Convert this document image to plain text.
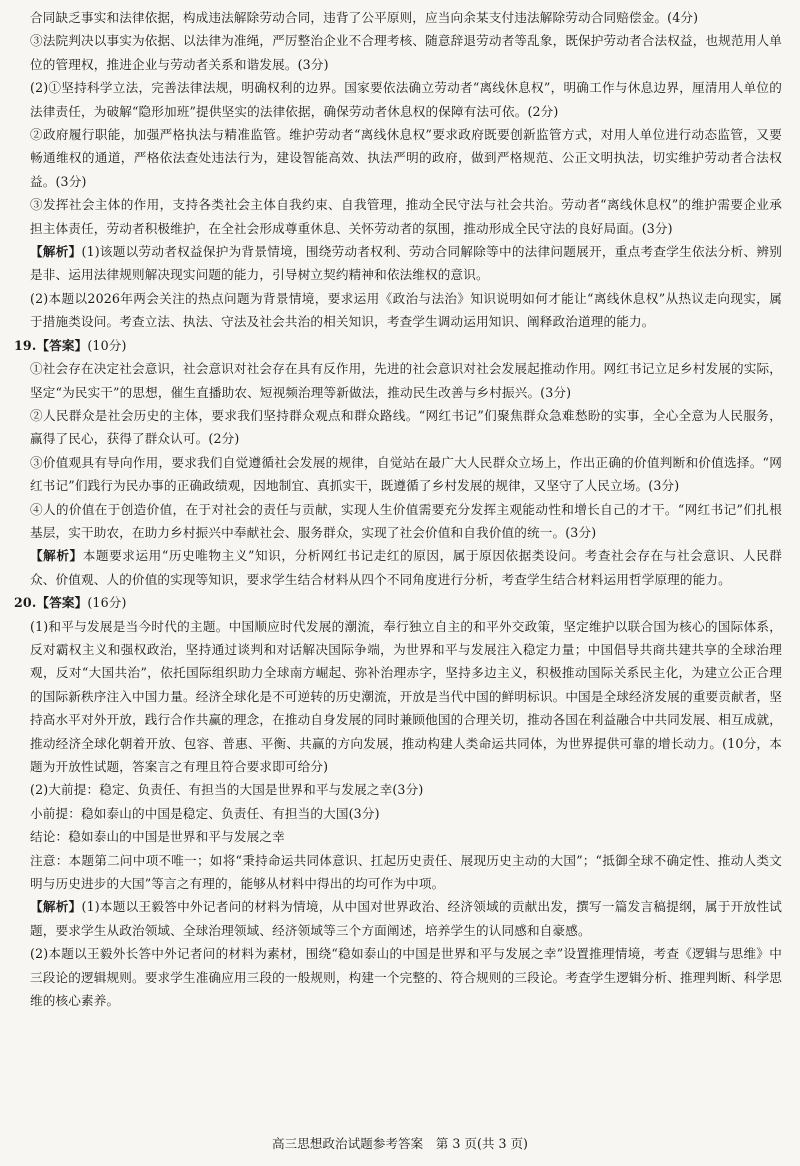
合同缺乏事实和法律依据，构成违法解除劳动合同，违背了公平原则，应当向余某支付违法解除劳动合同赔偿金。(4分)

③法院判决以事实为依据、以法律为准绳，严厉整治企业不合理考核、随意辞退劳动者等乱象，既保护劳动者合法权益，也规范用人单位的管理权，推进企业与劳动者关系和谐发展。(3分)

(2)①坚持科学立法，完善法律法规，明确权利的边界。国家要依法确立劳动者“离线休息权”，明确工作与休息边界，厘清用人单位的法律责任，为破解“隐形加班”提供坚实的法律依据，确保劳动者休息权的保障有法可依。(2分)

②政府履行职能，加强严格执法与精准监管。维护劳动者“离线休息权”要求政府既要创新监管方式，对用人单位进行动态监管，又要畅通维权的通道，严格依法查处违法行为，建设智能高效、执法严明的政府，做到严格规范、公正文明执法，切实维护劳动者合法权益。(3分)

③发挥社会主体的作用，支持各类社会主体自我约束、自我管理，推动全民守法与社会共治。劳动者“离线休息权”的维护需要企业承担主体责任，劳动者积极维护，在全社会形成尊重休息、关怀劳动者的氛围，推动形成全民守法的良好局面。(3分)

【解析】(1)该题以劳动者权益保护为背景情境，围绕劳动者权利、劳动合同解除等中的法律问题展开，重点考查学生依法分析、辨别是非、运用法律规则解决现实问题的能力，引导树立契约精神和依法维权的意识。

(2)本题以2026年两会关注的热点问题为背景情境，要求运用《政治与法治》知识说明如何才能让“离线休息权”从热议走向现实，属于措施类设问。考查立法、执法、守法及社会共治的相关知识，考查学生调动运用知识、阐释政治道理的能力。

19.【答案】(10分)

①社会存在决定社会意识，社会意识对社会存在具有反作用，先进的社会意识对社会发展起推动作用。网红书记立足乡村发展的实际，坚定“为民实干”的思想，催生直播助农、短视频治理等新做法，推动民生改善与乡村振兴。(3分)

②人民群众是社会历史的主体，要求我们坚持群众观点和群众路线。“网红书记”们聚焦群众急难愁盼的实事，全心全意为人民服务，赢得了民心，获得了群众认可。(2分)

③价值观具有导向作用，要求我们自觉遵循社会发展的规律，自觉站在最广大人民群众立场上，作出正确的价值判断和价值选择。“网红书记”们践行为民办事的正确政绩观，因地制宜、真抓实干，既遵循了乡村发展的规律，又坚守了人民立场。(3分)

④人的价值在于创造价值，在于对社会的责任与贡献，实现人生价值需要充分发挥主观能动性和增长自己的才干。“网红书记”们扎根基层，实干助农，在助力乡村振兴中奉献社会、服务群众，实现了社会价值和自我价值的统一。(3分)

【解析】本题要求运用“历史唯物主义”知识，分析网红书记走红的原因，属于原因依据类设问。考查社会存在与社会意识、人民群众、价值观、人的价值的实现等知识，要求学生结合材料从四个不同角度进行分析，考查学生结合材料运用哲学原理的能力。

20.【答案】(16分)

(1)和平与发展是当今时代的主题。中国顺应时代发展的潮流，奉行独立自主的和平外交政策，坚定维护以联合国为核心的国际体系，反对霸权主义和强权政治，坚持通过谈判和对话解决国际争端，为世界和平与发展注入稳定力量；中国倡导共商共建共享的全球治理观，反对“大国共治”，依托国际组织助力全球南方崛起、弥补治理赤字，坚持多边主义，积极推动国际关系民主化，为建立公正合理的国际新秩序注入中国力量。经济全球化是不可逆转的历史潮流，开放是当代中国的鲜明标识。中国是全球经济发展的重要贡献者，坚持高水平对外开放，践行合作共赢的理念，在推动自身发展的同时兼顾他国的合理关切，推动各国在利益融合中共同发展、相互成就，推动经济全球化朝着开放、包容、普惠、平衡、共赢的方向发展，推动构建人类命运共同体，为世界提供可靠的增长动力。(10分，本题为开放性试题，答案言之有理且符合要求即可给分)

(2)大前提：稳定、负责任、有担当的大国是世界和平与发展之幸(3分)

小前提：稳如泰山的中国是稳定、负责任、有担当的大国(3分)

结论：稳如泰山的中国是世界和平与发展之幸

注意：本题第二问中项不唯一；如将“秉持命运共同体意识、扛起历史责任、展现历史主动的大国”；“抵御全球不确定性、推动人类文明与历史进步的大国”等言之有理的，能够从材料中得出的均可作为中项。

【解析】(1)本题以王毅答中外记者问的材料为情境，从中国对世界政治、经济领域的贡献出发，撰写一篇发言稿提纲，属于开放性试题，要求学生从政治领域、全球治理领域、经济领域等三个方面阐述，培养学生的认同感和自豪感。

(2)本题以王毅外长答中外记者问的材料为素材，围绕“稳如泰山的中国是世界和平与发展之幸”设置推理情境，考查《逻辑与思维》中三段论的逻辑规则。要求学生准确应用三段的一般规则，构建一个完整的、符合规则的三段论。考查学生逻辑分析、推理判断、科学思维的核心素养。

高三思想政治试题参考答案　第 3 页(共 3 页)
